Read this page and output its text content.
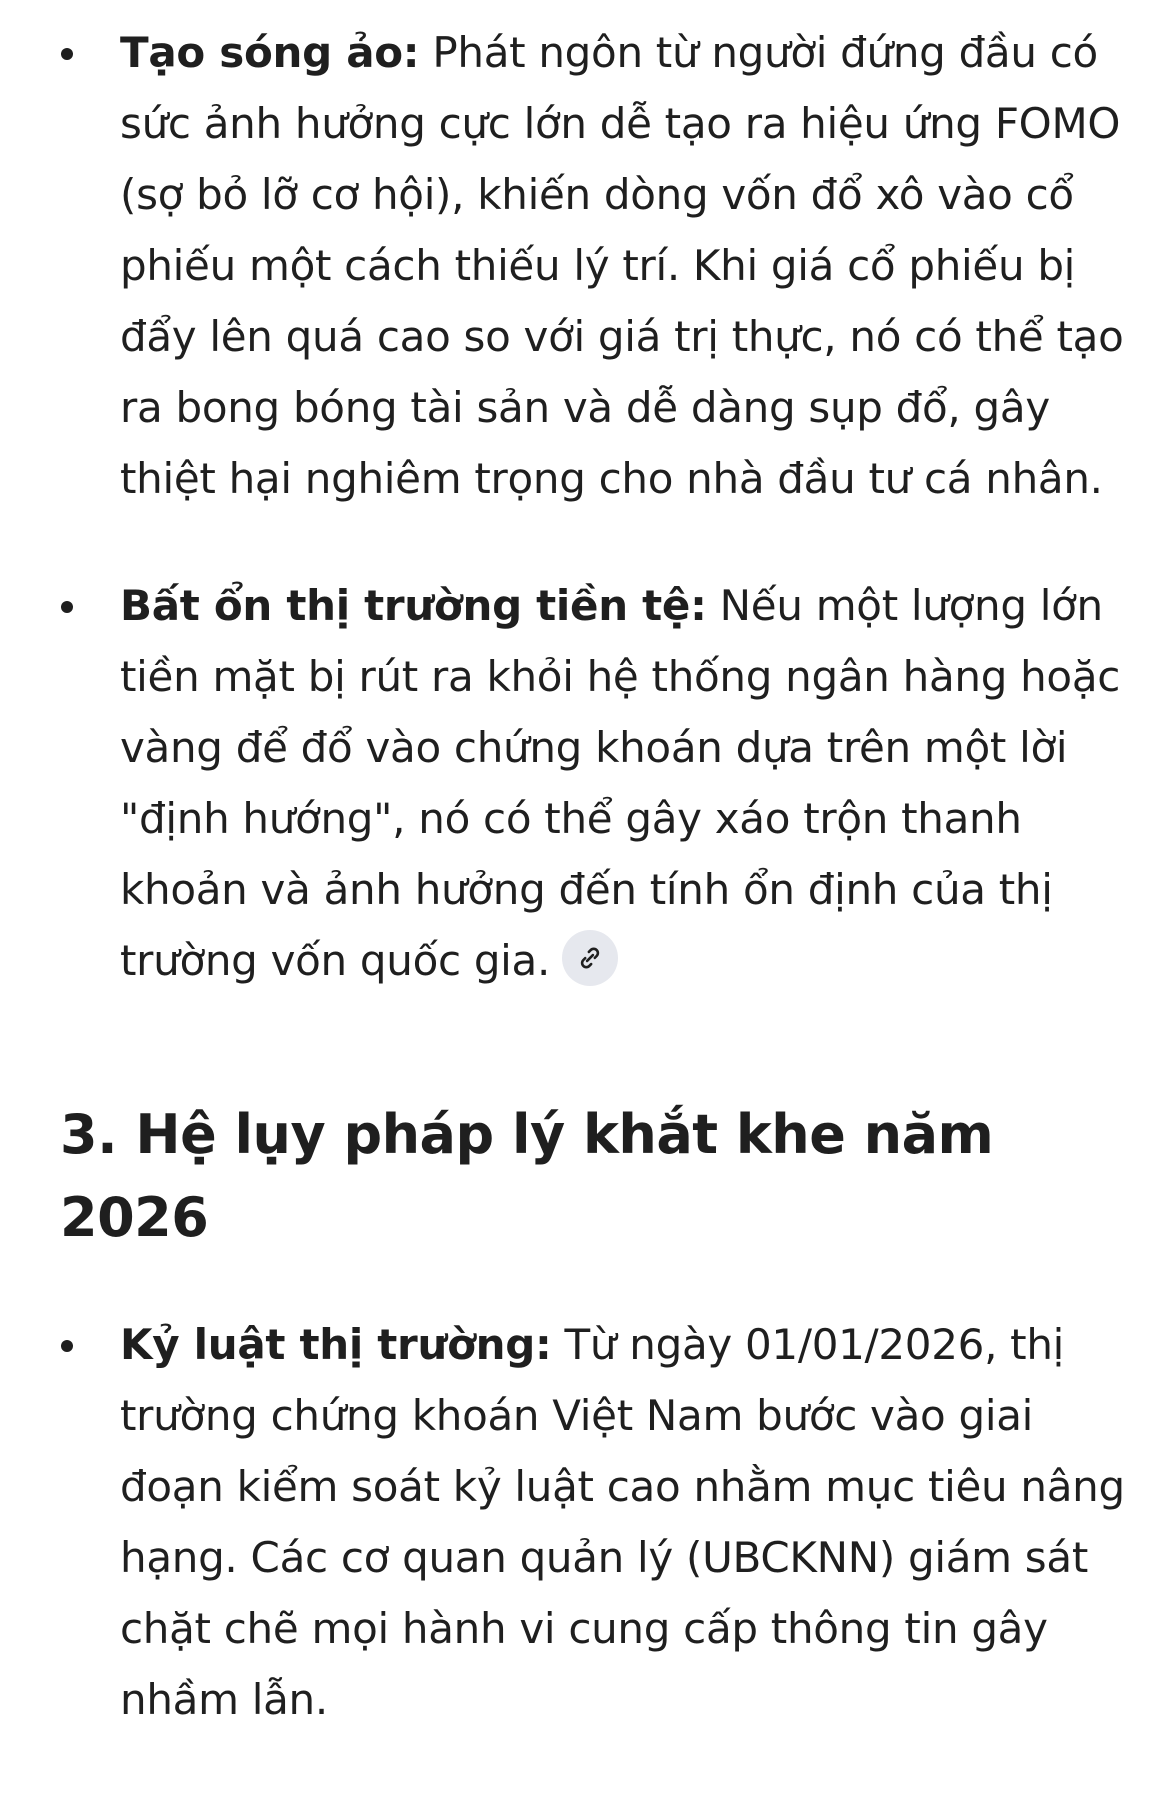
Tạo sóng ảo: Phát ngôn từ người đứng đầu có sức ảnh hưởng cực lớn dễ tạo ra hiệu ứng FOMO (sợ bỏ lỡ cơ hội), khiến dòng vốn đổ xô vào cổ phiếu một cách thiếu lý trí. Khi giá cổ phiếu bị đẩy lên quá cao so với giá trị thực, nó có thể tạo ra bong bóng tài sản và dễ dàng sụp đổ, gây thiệt hại nghiêm trọng cho nhà đầu tư cá nhân.
Bất ổn thị trường tiền tệ: Nếu một lượng lớn tiền mặt bị rút ra khỏi hệ thống ngân hàng hoặc vàng để đổ vào chứng khoán dựa trên một lời "định hướng", nó có thể gây xáo trộn thanh khoản và ảnh hưởng đến tính ổn định của thị trường vốn quốc gia.
3. Hệ lụy pháp lý khắt khe năm 2026
Kỷ luật thị trường: Từ ngày 01/01/2026, thị trường chứng khoán Việt Nam bước vào giai đoạn kiểm soát kỷ luật cao nhằm mục tiêu nâng hạng. Các cơ quan quản lý (UBCKNN) giám sát chặt chẽ mọi hành vi cung cấp thông tin gây nhầm lẫn.
